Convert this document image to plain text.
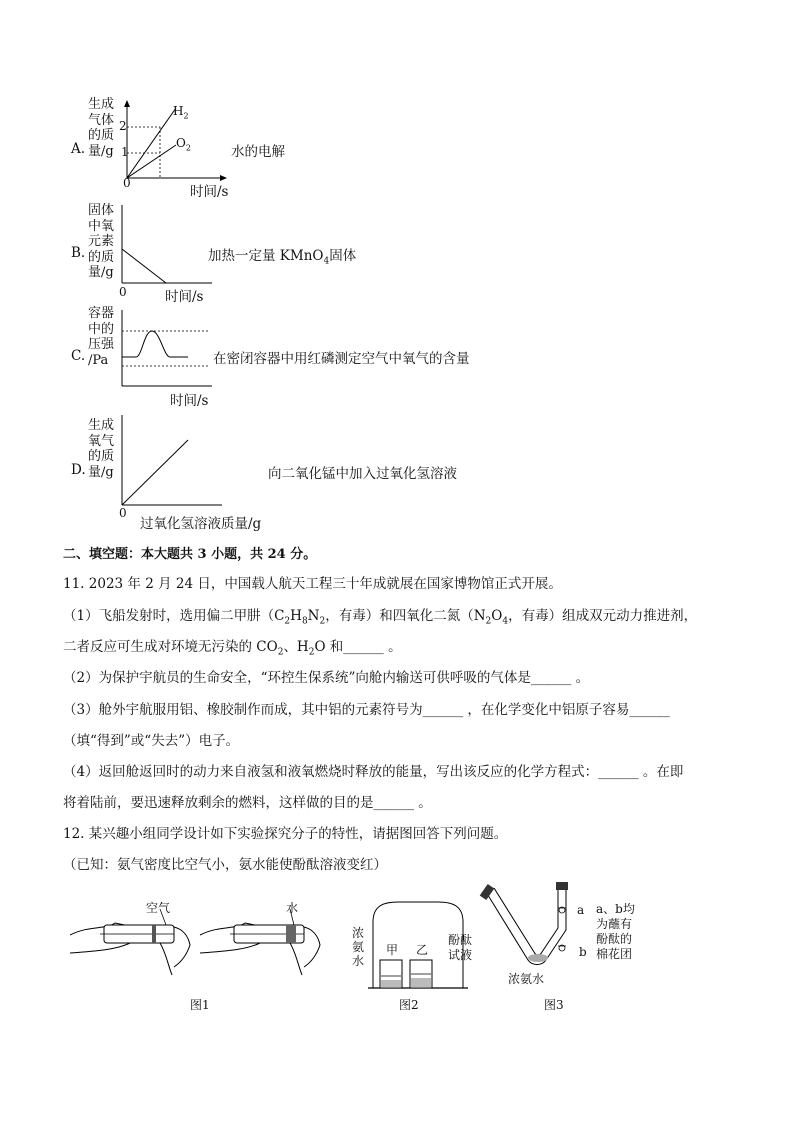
A.
生成
气体
的质
量/g
2
1
0
$H_2$
$O_2$
时间/s
水的电解
B.
固体
中氧
元素
的质
量/g
0	时间/s
加热一定量 KMnO$_4$固体
C.
容器
中的
压强
/Pa
时间/s
在密闭容器中用红磷测定空气中氧气的含量
D.
生成
氧气
的质
量/g
0
过氧化氢溶液质量/g
向二氧化锰中加入过氧化氢溶液
二、填空题：本大题共 3 小题，共 24 分。
11. 2023 年 2 月 24 日，中国载人航天工程三十年成就展在国家博物馆正式开展。
（1）飞船发射时，选用偏二甲肼（$C_2H_8N_2$，有毒）和四氧化二氮（$N_2O_4$，有毒）组成双元动力推进剂，
二者反应可生成对环境无污染的 $CO_2$、$H_2O$ 和______ 。
（2）为保护宇航员的生命安全，“环控生保系统”向舱内输送可供呼吸的气体是______ 。
（3）舱外宇航服用铝、橡胶制作而成，其中铝的元素符号为______ ，在化学变化中铝原子容易______
（填“得到”或“失去”）电子。
（4）返回舱返回时的动力来自液氢和液氧燃烧时释放的能量，写出该反应的化学方程式：______ 。在即
将着陆前，要迅速释放剩余的燃料，这样做的目的是______ 。
12. 某兴趣小组同学设计如下实验探究分子的特性，请据图回答下列问题。
（已知：氨气密度比空气小，氨水能使酚酞溶液变红）
空气	水
图1
浓
氨
水
甲 乙
酚酞
试液
图2
a
b
a、b均
为蘸有
酚酞的
棉花团
浓氨水
图3
